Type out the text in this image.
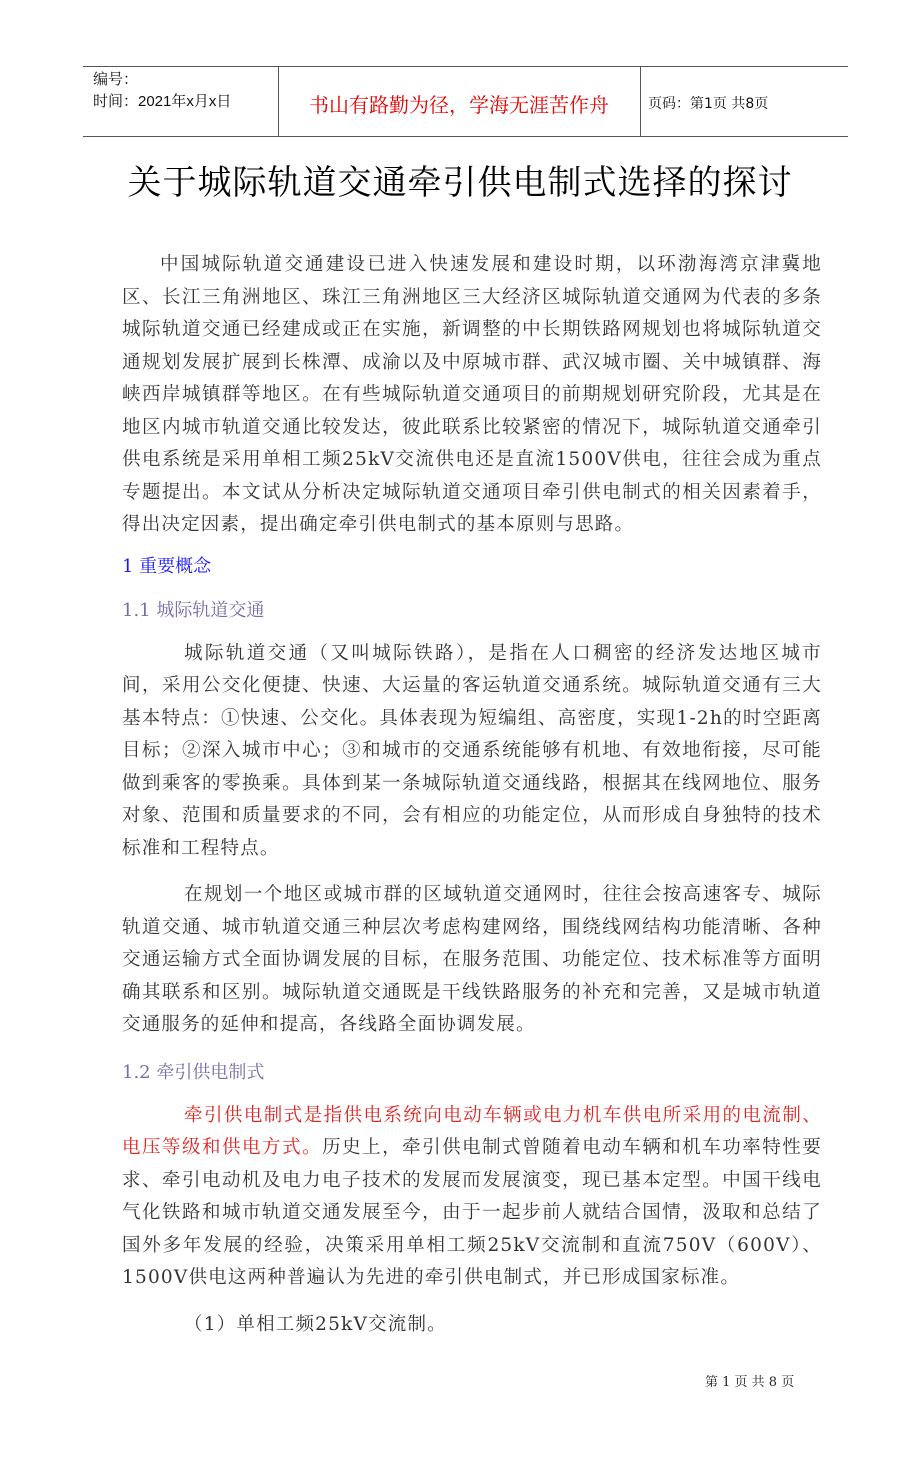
编号：
时间：2021年x月x日	书山有路勤为径，学海无涯苦作舟	页码：第1页 共8页
关于城际轨道交通牵引供电制式选择的探讨

中国城际轨道交通建设已进入快速发展和建设时期，以环渤海湾京津冀地区、长江三角洲地区、珠江三角洲地区三大经济区城际轨道交通网为代表的多条城际轨道交通已经建成或正在实施，新调整的中长期铁路网规划也将城际轨道交通规划发展扩展到长株潭、成渝以及中原城市群、武汉城市圈、关中城镇群、海峡西岸城镇群等地区。在有些城际轨道交通项目的前期规划研究阶段，尤其是在地区内城市轨道交通比较发达，彼此联系比较紧密的情况下，城际轨道交通牵引供电系统是采用单相工频25kV交流供电还是直流1500V供电，往往会成为重点专题提出。本文试从分析决定城际轨道交通项目牵引供电制式的相关因素着手，得出决定因素，提出确定牵引供电制式的基本原则与思路。

1 重要概念
1.1 城际轨道交通

城际轨道交通（又叫城际铁路），是指在人口稠密的经济发达地区城市间，采用公交化便捷、快速、大运量的客运轨道交通系统。城际轨道交通有三大基本特点：①快速、公交化。具体表现为短编组、高密度，实现1-2h的时空距离目标；②深入城市中心；③和城市的交通系统能够有机地、有效地衔接，尽可能做到乘客的零换乘。具体到某一条城际轨道交通线路，根据其在线网地位、服务对象、范围和质量要求的不同，会有相应的功能定位，从而形成自身独特的技术标准和工程特点。

在规划一个地区或城市群的区域轨道交通网时，往往会按高速客专、城际轨道交通、城市轨道交通三种层次考虑构建网络，围绕线网结构功能清晰、各种交通运输方式全面协调发展的目标，在服务范围、功能定位、技术标准等方面明确其联系和区别。城际轨道交通既是干线铁路服务的补充和完善，又是城市轨道交通服务的延伸和提高，各线路全面协调发展。

1.2 牵引供电制式

牵引供电制式是指供电系统向电动车辆或电力机车供电所采用的电流制、电压等级和供电方式。历史上，牵引供电制式曾随着电动车辆和机车功率特性要求、牵引电动机及电力电子技术的发展而发展演变，现已基本定型。中国干线电气化铁路和城市轨道交通发展至今，由于一起步前人就结合国情，汲取和总结了国外多年发展的经验，决策采用单相工频25kV交流制和直流750V（600V）、1500V供电这两种普遍认为先进的牵引供电制式，并已形成国家标准。

（1）单相工频25kV交流制。

第 1 页 共 8 页
